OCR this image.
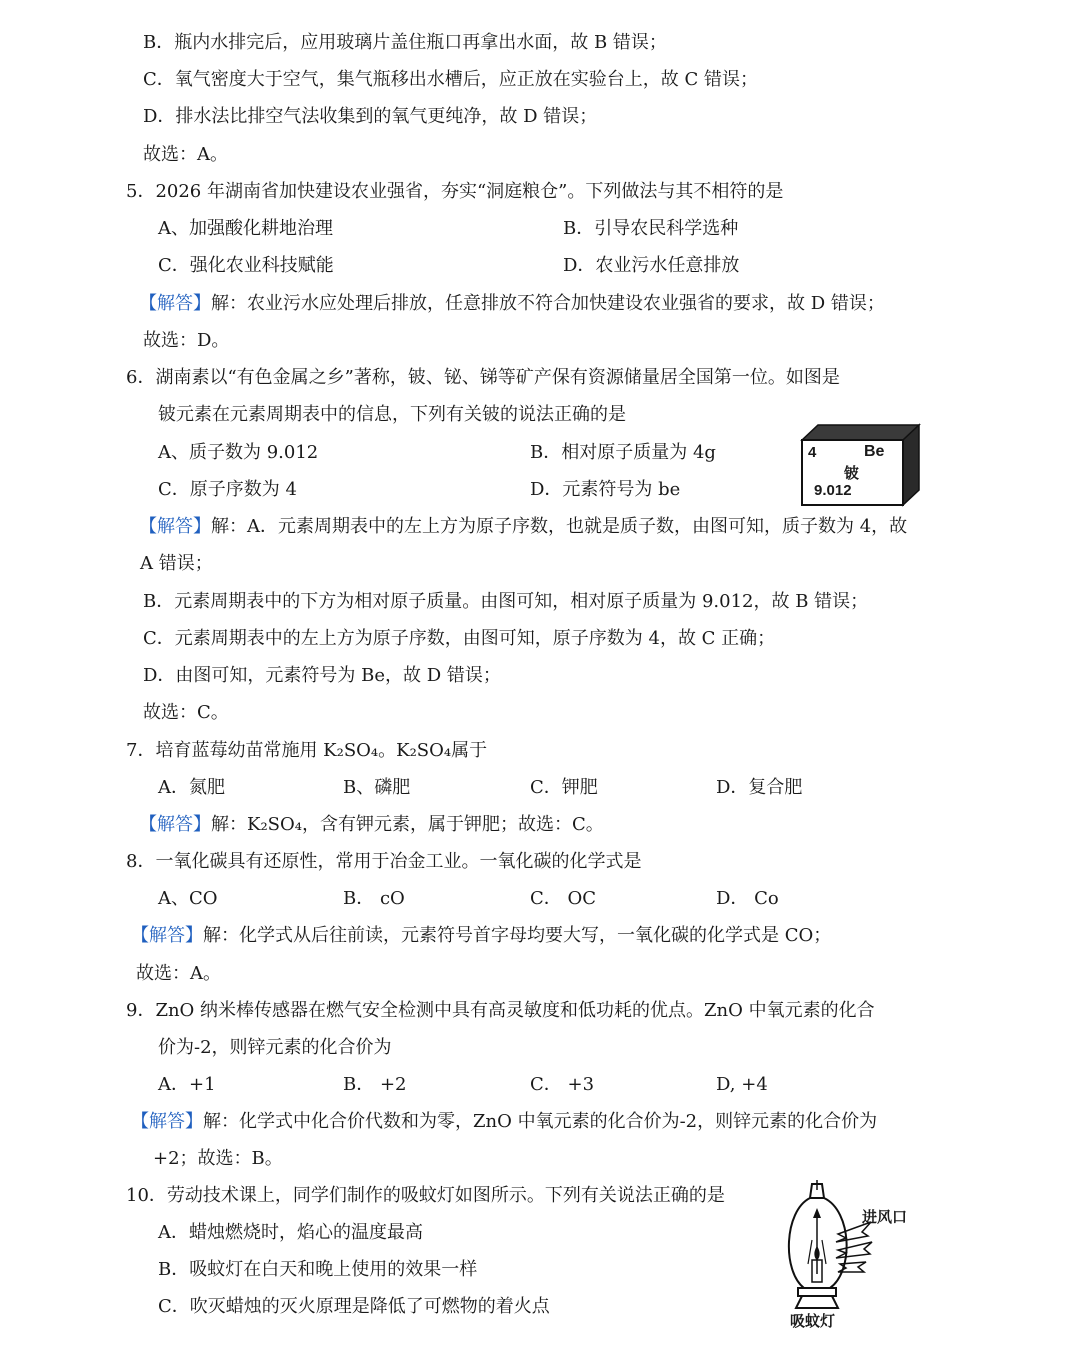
B．瓶内水排完后，应用玻璃片盖住瓶口再拿出水面，故 B 错误；
C．氧气密度大于空气，集气瓶移出水槽后，应正放在实验台上，故 C 错误；
D．排水法比排空气法收集到的氧气更纯净，故 D 错误；
故选：A。
5．2026 年湖南省加快建设农业强省，夯实“洞庭粮仓”。下列做法与其不相符的是
A、加强酸化耕地治理	B．引导农民科学选种
C．强化农业科技赋能	D．农业污水任意排放
【解答】解：农业污水应处理后排放，任意排放不符合加快建设农业强省的要求，故 D 错误；
故选：D。
6．湖南素以“有色金属之乡”著称，铍、铋、锑等矿产保有资源储量居全国第一位。如图是
铍元素在元素周期表中的信息，下列有关铍的说法正确的是
A、质子数为 9.012	B．相对原子质量为 4g
C．原子序数为 4	D．元素符号为 be
4	Be
铍
9.012
【解答】解：A．元素周期表中的左上方为原子序数，也就是质子数，由图可知，质子数为 4，故
A 错误；
B．元素周期表中的下方为相对原子质量。由图可知，相对原子质量为 9.012，故 B 错误；
C．元素周期表中的左上方为原子序数，由图可知，原子序数为 4，故 C 正确；
D．由图可知，元素符号为 Be，故 D 错误；
故选：C。
7．培育蓝莓幼苗常施用 K₂SO₄。K₂SO₄属于
A．氮肥	B、磷肥	C．钾肥	D．复合肥
【解答】解：K₂SO₄，含有钾元素，属于钾肥；故选：C。
8．一氧化碳具有还原性，常用于冶金工业。一氧化碳的化学式是
A、CO	B． cO	C． OC	D． Co
【解答】解：化学式从后往前读，元素符号首字母均要大写，一氧化碳的化学式是 CO；
故选：A。
9．ZnO 纳米棒传感器在燃气安全检测中具有高灵敏度和低功耗的优点。ZnO 中氧元素的化合
价为-2，则锌元素的化合价为
A．+1	B． +2	C． +3	D, +4
【解答】解：化学式中化合价代数和为零，ZnO 中氧元素的化合价为-2，则锌元素的化合价为
+2；故选：B。
10．劳动技术课上，同学们制作的吸蚊灯如图所示。下列有关说法正确的是
A．蜡烛燃烧时，焰心的温度最高
B．吸蚊灯在白天和晚上使用的效果一样
C．吹灭蜡烛的灭火原理是降低了可燃物的着火点
进风口
吸蚊灯
